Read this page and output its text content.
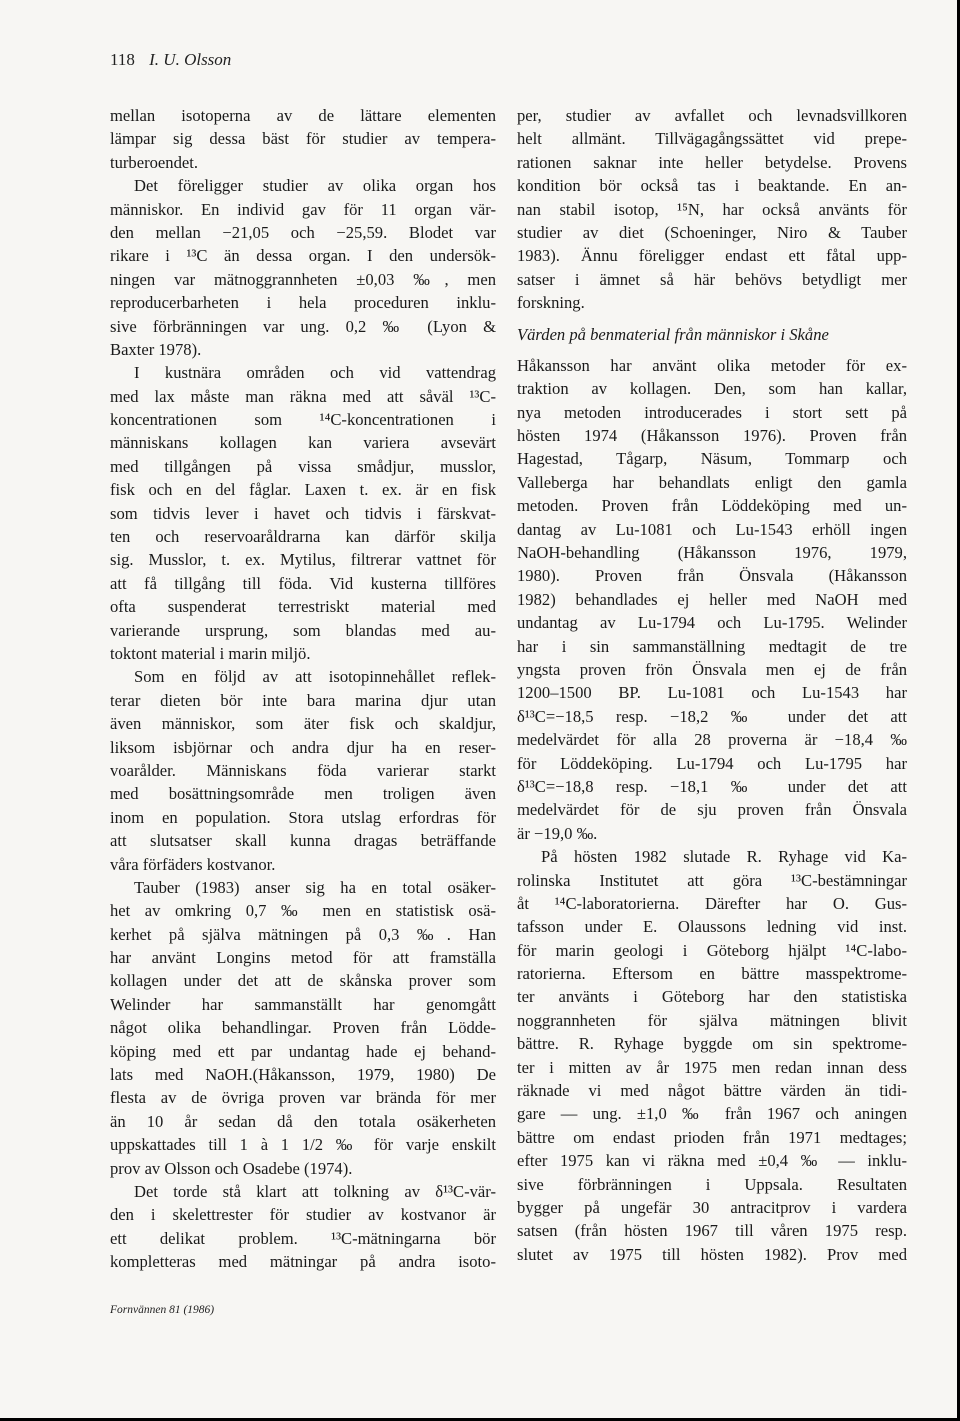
118 I. U. Olsson
mellan isotoperna av de lättare elementen
lämpar sig dessa bäst för studier av tempera-
turberoendet.
Det föreligger studier av olika organ hos
människor. En individ gav för 11 organ vär-
den mellan −21,05 och −25,59. Blodet var
rikare i ¹³C än dessa organ. I den undersök-
ningen var mätnoggrannheten ±0,03 ‰, men
reproducerbarheten i hela proceduren inklu-
sive förbränningen var ung. 0,2 ‰ (Lyon &
Baxter 1978).
I kustnära områden och vid vattendrag
med lax måste man räkna med att såväl ¹³C-
koncentrationen som ¹⁴C-koncentrationen i
människans kollagen kan variera avsevärt
med tillgången på vissa smådjur, musslor,
fisk och en del fåglar. Laxen t. ex. är en fisk
som tidvis lever i havet och tidvis i färskvat-
ten och reservoaråldrarna kan därför skilja
sig. Musslor, t. ex. Mytilus, filtrerar vattnet för
att få tillgång till föda. Vid kusterna tillföres
ofta suspenderat terrestriskt material med
varierande ursprung, som blandas med au-
toktont material i marin miljö.
Som en följd av att isotopinnehållet reflek-
terar dieten bör inte bara marina djur utan
även människor, som äter fisk och skaldjur,
liksom isbjörnar och andra djur ha en reser-
voarålder. Människans föda varierar starkt
med bosättningsområde men troligen även
inom en population. Stora utslag erfordras för
att slutsatser skall kunna dragas beträffande
våra förfäders kostvanor.
Tauber (1983) anser sig ha en total osäker-
het av omkring 0,7 ‰ men en statistisk osä-
kerhet på själva mätningen på 0,3 ‰. Han
har använt Longins metod för att framställa
kollagen under det att de skånska prover som
Welinder har sammanställt har genomgått
något olika behandlingar. Proven från Lödde-
köping med ett par undantag hade ej behand-
lats med NaOH.(Håkansson, 1979, 1980) De
flesta av de övriga proven var brända för mer
än 10 år sedan då den totala osäkerheten
uppskattades till 1 à 1 1/2 ‰ för varje enskilt
prov av Olsson och Osadebe (1974).
Det torde stå klart att tolkning av δ¹³C-vär-
den i skelettrester för studier av kostvanor är
ett delikat problem. ¹³C-mätningarna bör
kompletteras med mätningar på andra isoto-
per, studier av avfallet och levnadsvillkoren
helt allmänt. Tillvägagångssättet vid prepe-
rationen saknar inte heller betydelse. Provens
kondition bör också tas i beaktande. En an-
nan stabil isotop, ¹⁵N, har också använts för
studier av diet (Schoeninger, Niro & Tauber
1983). Ännu föreligger endast ett fåtal upp-
satser i ämnet så här behövs betydligt mer
forskning.
Värden på benmaterial från människor i Skåne
Håkansson har använt olika metoder för ex-
traktion av kollagen. Den, som han kallar,
nya metoden introducerades i stort sett på
hösten 1974 (Håkansson 1976). Proven från
Hagestad, Tågarp, Näsum, Tommarp och
Valleberga har behandlats enligt den gamla
metoden. Proven från Löddeköping med un-
dantag av Lu-1081 och Lu-1543 erhöll ingen
NaOH-behandling (Håkansson 1976, 1979,
1980). Proven från Önsvala (Håkansson
1982) behandlades ej heller med NaOH med
undantag av Lu-1794 och Lu-1795. Welinder
har i sin sammanställning medtagit de tre
yngsta proven frön Önsvala men ej de från
1200–1500 BP. Lu-1081 och Lu-1543 har
δ¹³C=−18,5 resp. −18,2 ‰ under det att
medelvärdet för alla 28 proverna är −18,4 ‰
för Löddeköping. Lu-1794 och Lu-1795 har
δ¹³C=−18,8 resp. −18,1 ‰ under det att
medelvärdet för de sju proven från Önsvala
är −19,0 ‰.
På hösten 1982 slutade R. Ryhage vid Ka-
rolinska Institutet att göra ¹³C-bestämningar
åt ¹⁴C-laboratorierna. Därefter har O. Gus-
tafsson under E. Olaussons ledning vid inst.
för marin geologi i Göteborg hjälpt ¹⁴C-labo-
ratorierna. Eftersom en bättre masspektrome-
ter använts i Göteborg har den statistiska
noggrannheten för själva mätningen blivit
bättre. R. Ryhage byggde om sin spektrome-
ter i mitten av år 1975 men redan innan dess
räknade vi med något bättre värden än tidi-
gare — ung. ±1,0 ‰ från 1967 och aningen
bättre om endast prioden från 1971 medtages;
efter 1975 kan vi räkna med ±0,4 ‰ — inklu-
sive förbränningen i Uppsala. Resultaten
bygger på ungefär 30 antracitprov i vardera
satsen (från hösten 1967 till våren 1975 resp.
slutet av 1975 till hösten 1982). Prov med
Fornvännen 81 (1986)
